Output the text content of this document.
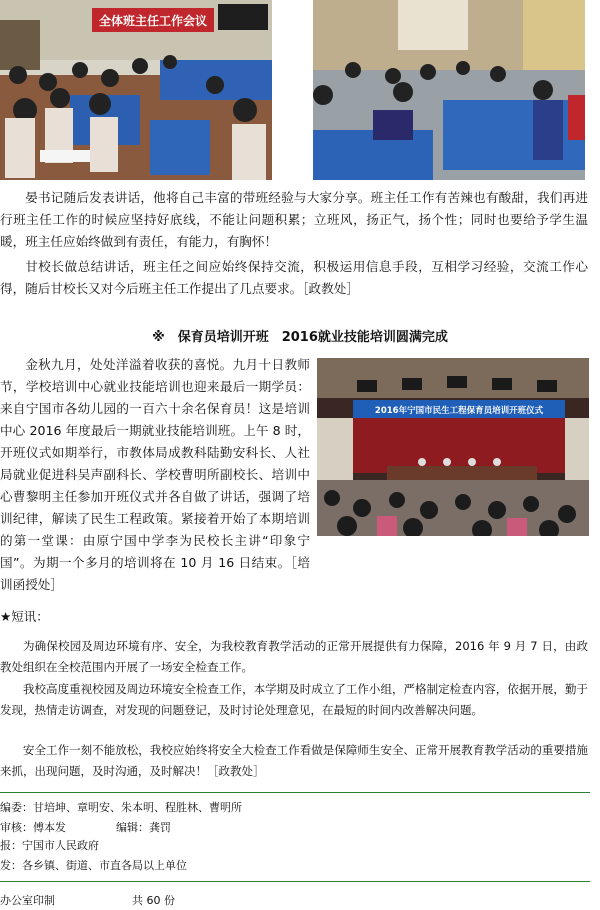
全体班主任工作会议

晏书记随后发表讲话，他将自己丰富的带班经验与大家分享。班主任工作有苦辣也有酸甜，我们再进行班主任工作的时候应坚持好底线，不能让问题积累；立班风，扬正气，扬个性；同时也要给予学生温暖，班主任应始终做到有责任，有能力，有胸怀！

甘校长做总结讲话，班主任之间应始终保持交流，积极运用信息手段，互相学习经验，交流工作心得，随后甘校长又对今后班主任工作提出了几点要求。［政教处］

※　保育员培训开班　2016就业技能培训圆满完成

2016年宁国市民生工程保育员培训开班仪式

金秋九月，处处洋溢着收获的喜悦。九月十日教师节，学校培训中心就业技能培训也迎来最后一期学员：来自宁国市各幼儿园的一百六十余名保育员！这是培训中心 2016 年度最后一期就业技能培训班。上午 8 时，开班仪式如期举行，市教体局成教科陆勤安科长、人社局就业促进科吴声副科长、学校曹明所副校长、培训中心曹黎明主任参加开班仪式并各自做了讲话，强调了培训纪律，解读了民生工程政策。紧接着开始了本期培训的第一堂课：由原宁国中学李为民校长主讲“印象宁国”。为期一个多月的培训将在 10 月 16 日结束。［培训函授处］

★短讯：

为确保校园及周边环境有序、安全，为我校教育教学活动的正常开展提供有力保障，2016 年 9 月 7 日，由政教处组织在全校范围内开展了一场安全检查工作。

我校高度重视校园及周边环境安全检查工作，本学期及时成立了工作小组，严格制定检查内容，依据开展，勤于发现，热情走访调查，对发现的问题登记，及时讨论处理意见，在最短的时间内改善解决问题。

安全工作一刻不能放松，我校应始终将安全大检查工作看做是保障师生安全、正常开展教育教学活动的重要措施来抓，出现问题，及时沟通，及时解决！［政教处］

编委：甘培坤、章明安、朱本明、程胜林、曹明所

审核：傅本发	编辑：龚罚

报：宁国市人民政府

发：各乡镇、街道、市直各局以上单位

办公室印制	共 60 份
